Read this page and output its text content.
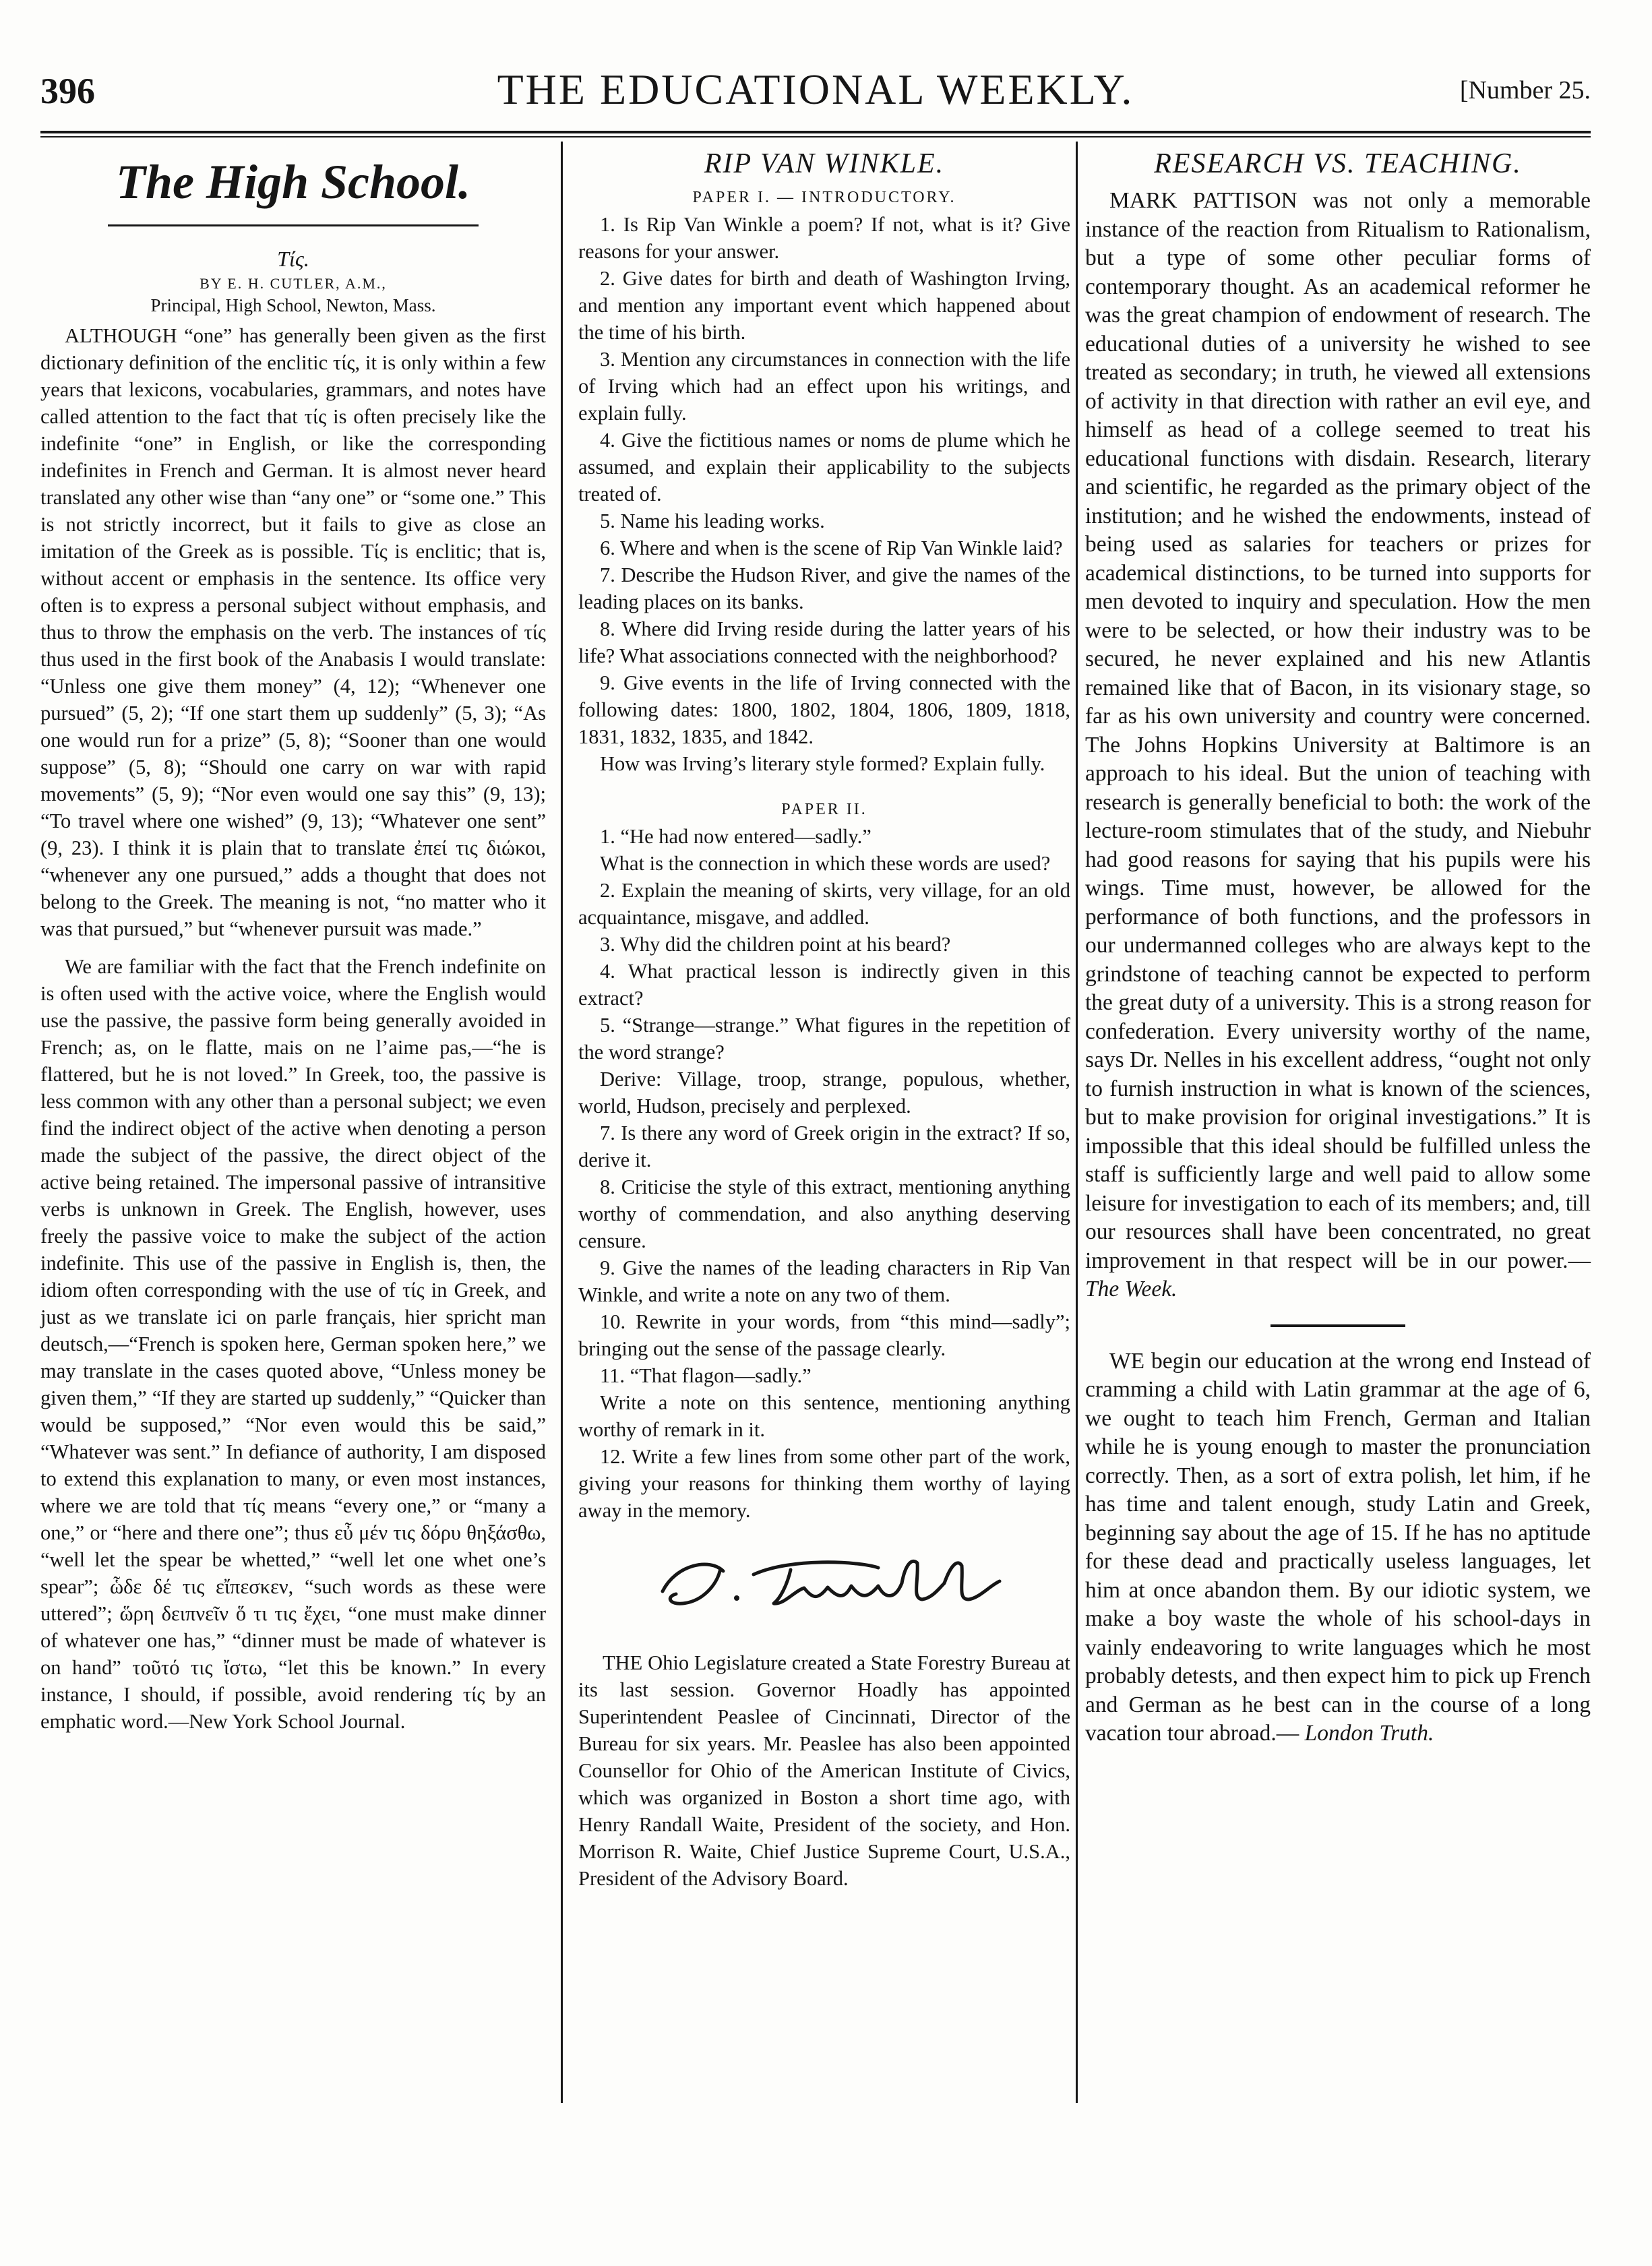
396	THE EDUCATIONAL WEEKLY.	[Number 25.
The High School.
Τίς.
BY E. H. CUTLER, A.M.,
Principal, High School, Newton, Mass.

ALTHOUGH “one” has generally been given as the first dictionary definition of the enclitic τίς, it is only within a few years that lexicons, vocabularies, grammars, and notes have called attention to the fact that τίς is often precisely like the indefinite “one” in English, or like the corresponding indefinites in French and German. It is almost never heard translated any other wise than “any one” or “some one.” This is not strictly incorrect, but it fails to give as close an imitation of the Greek as is possible. Τίς is enclitic; that is, without accent or emphasis in the sentence. Its office very often is to express a personal subject without emphasis, and thus to throw the emphasis on the verb. The instances of τίς thus used in the first book of the Anabasis I would translate: “Unless one give them money” (4, 12); “Whenever one pursued” (5, 2); “If one start them up suddenly” (5, 3); “As one would run for a prize” (5, 8); “Sooner than one would suppose” (5, 8); “Should one carry on war with rapid movements” (5, 9); “Nor even would one say this” (9, 13); “To travel where one wished” (9, 13); “Whatever one sent” (9, 23). I think it is plain that to translate ἐπεί τις διώκοι, “whenever any one pursued,” adds a thought that does not belong to the Greek. The meaning is not, “no matter who it was that pursued,” but “whenever pursuit was made.”

We are familiar with the fact that the French indefinite on is often used with the active voice, where the English would use the passive, the passive form being generally avoided in French; as, on le flatte, mais on ne l’aime pas,—“he is flattered, but he is not loved.” In Greek, too, the passive is less common with any other than a personal subject; we even find the indirect object of the active when denoting a person made the subject of the passive, the direct object of the active being retained. The impersonal passive of intransitive verbs is unknown in Greek. The English, however, uses freely the passive voice to make the subject of the action indefinite. This use of the passive in English is, then, the idiom often corresponding with the use of τίς in Greek, and just as we translate ici on parle français, hier spricht man deutsch,—“French is spoken here, German spoken here,” we may translate in the cases quoted above, “Unless money be given them,” “If they are started up suddenly,” “Quicker than would be supposed,” “Nor even would this be said,” “Whatever was sent.” In defiance of authority, I am disposed to extend this explanation to many, or even most instances, where we are told that τίς means “every one,” or “many a one,” or “here and there one”; thus εὖ μέν τις δόρυ θηξάσθω, “well let the spear be whetted,” “well let one whet one’s spear”; ὧδε δέ τις εἴπεσκεν, “such words as these were uttered”; ὥρη δειπνεῖν ὅ τι τις ἔχει, “one must make dinner of whatever one has,” “dinner must be made of whatever is on hand” τοῦτό τις ἴστω, “let this be known.” In every instance, I should, if possible, avoid rendering τίς by an emphatic word.—New York School Journal.

RIP VAN WINKLE.
PAPER I. — INTRODUCTORY.

1. Is Rip Van Winkle a poem? If not, what is it? Give reasons for your answer.

2. Give dates for birth and death of Washington Irving, and mention any important event which happened about the time of his birth.

3. Mention any circumstances in connection with the life of Irving which had an effect upon his writings, and explain fully.

4. Give the fictitious names or noms de plume which he assumed, and explain their applicability to the subjects treated of.

5. Name his leading works.

6. Where and when is the scene of Rip Van Winkle laid?

7. Describe the Hudson River, and give the names of the leading places on its banks.

8. Where did Irving reside during the latter years of his life? What associations connected with the neighborhood?

9. Give events in the life of Irving connected with the following dates: 1800, 1802, 1804, 1806, 1809, 1818, 1831, 1832, 1835, and 1842.

How was Irving’s literary style formed? Explain fully.

PAPER II.

1. “He had now entered—sadly.”

What is the connection in which these words are used?

2. Explain the meaning of skirts, very village, for an old acquaintance, misgave, and addled.

3. Why did the children point at his beard?

4. What practical lesson is indirectly given in this extract?

5. “Strange—strange.” What figures in the repetition of the word strange?

Derive: Village, troop, strange, populous, whether, world, Hudson, precisely and perplexed.

7. Is there any word of Greek origin in the extract? If so, derive it.

8. Criticise the style of this extract, mentioning anything worthy of commendation, and also anything deserving censure.

9. Give the names of the leading characters in Rip Van Winkle, and write a note on any two of them.

10. Rewrite in your words, from “this mind—sadly”; bringing out the sense of the passage clearly.

11. “That flagon—sadly.”

Write a note on this sentence, mentioning anything worthy of remark in it.

12. Write a few lines from some other part of the work, giving your reasons for thinking them worthy of laying away in the memory.

THE Ohio Legislature created a State Forestry Bureau at its last session. Governor Hoadly has appointed Superintendent Peaslee of Cincinnati, Director of the Bureau for six years. Mr. Peaslee has also been appointed Counsellor for Ohio of the American Institute of Civics, which was organized in Boston a short time ago, with Henry Randall Waite, President of the society, and Hon. Morrison R. Waite, Chief Justice Supreme Court, U.S.A., President of the Advisory Board.

RESEARCH VS. TEACHING.

MARK PATTISON was not only a memorable instance of the reaction from Ritualism to Rationalism, but a type of some other peculiar forms of contemporary thought. As an academical reformer he was the great champion of endowment of research. The educational duties of a university he wished to see treated as secondary; in truth, he viewed all extensions of activity in that direction with rather an evil eye, and himself as head of a college seemed to treat his educational functions with disdain. Research, literary and scientific, he regarded as the primary object of the institution; and he wished the endowments, instead of being used as salaries for teachers or prizes for academical distinctions, to be turned into supports for men devoted to inquiry and speculation. How the men were to be selected, or how their industry was to be secured, he never explained and his new Atlantis remained like that of Bacon, in its visionary stage, so far as his own university and country were concerned. The Johns Hopkins University at Baltimore is an approach to his ideal. But the union of teaching with research is generally beneficial to both: the work of the lecture-room stimulates that of the study, and Niebuhr had good reasons for saying that his pupils were his wings. Time must, however, be allowed for the performance of both functions, and the professors in our undermanned colleges who are always kept to the grindstone of teaching cannot be expected to perform the great duty of a university. This is a strong reason for confederation. Every university worthy of the name, says Dr. Nelles in his excellent address, “ought not only to furnish instruction in what is known of the sciences, but to make provision for original investigations.” It is impossible that this ideal should be fulfilled unless the staff is sufficiently large and well paid to allow some leisure for investigation to each of its members; and, till our resources shall have been concentrated, no great improvement in that respect will be in our power.— The Week.

WE begin our education at the wrong end Instead of cramming a child with Latin grammar at the age of 6, we ought to teach him French, German and Italian while he is young enough to master the pronunciation correctly. Then, as a sort of extra polish, let him, if he has time and talent enough, study Latin and Greek, beginning say about the age of 15. If he has no aptitude for these dead and practically useless languages, let him at once abandon them. By our idiotic system, we make a boy waste the whole of his school-days in vainly endeavoring to write languages which he most probably detests, and then expect him to pick up French and German as he best can in the course of a long vacation tour abroad.— London Truth.
